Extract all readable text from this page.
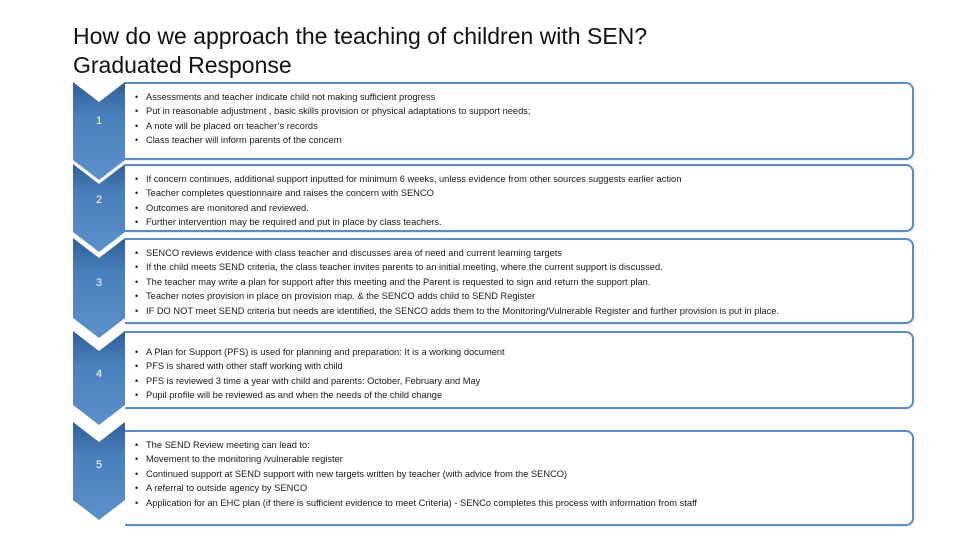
How do we approach the teaching of children with SEN?
Graduated Response
1
• Assessments and teacher indicate child not making sufficient progress
• Put in reasonable adjustment , basic skills provision or physical adaptations to support needs;
• A note will be placed on teacher’s records
• Class teacher will inform parents of the concern
2
• If concern continues, additional support inputted for minimum 6 weeks, unless evidence from other sources suggests earlier action
• Teacher completes questionnaire and raises the concern with SENCO
• Outcomes are monitored and reviewed.
• Further intervention may be required and put in place by class teachers.
3
• SENCO reviews evidence with class teacher and discusses area of need and current learning targets
• If the child meets SEND criteria, the class teacher invites parents to an initial meeting, where the current support is discussed.
• The teacher may write a plan for support after this meeting and the Parent is requested to sign and return the support plan.
• Teacher notes provision in place on provision map. & the SENCO adds child to SEND Register
• IF DO NOT meet SEND criteria but needs are identified, the SENCO adds them to the Monitoring/Vulnerable Register and further provision is put in place.
4
• A Plan for Support (PFS) is used for planning and preparation: It is a working document
• PFS is shared with other staff working with child
• PFS is reviewed 3 time a year with child and parents: October, February and May
• Pupil profile will be reviewed as and when the needs of the child change
5
• The SEND Review meeting can lead to:
• Movement to the monitoring /vulnerable register
• Continued support at SEND support with new targets written by teacher (with advice from the SENCO)
• A referral to outside agency by SENCO
• Application for an EHC plan (if there is sufficient evidence to meet Criteria) - SENCo completes this process with information from staff
